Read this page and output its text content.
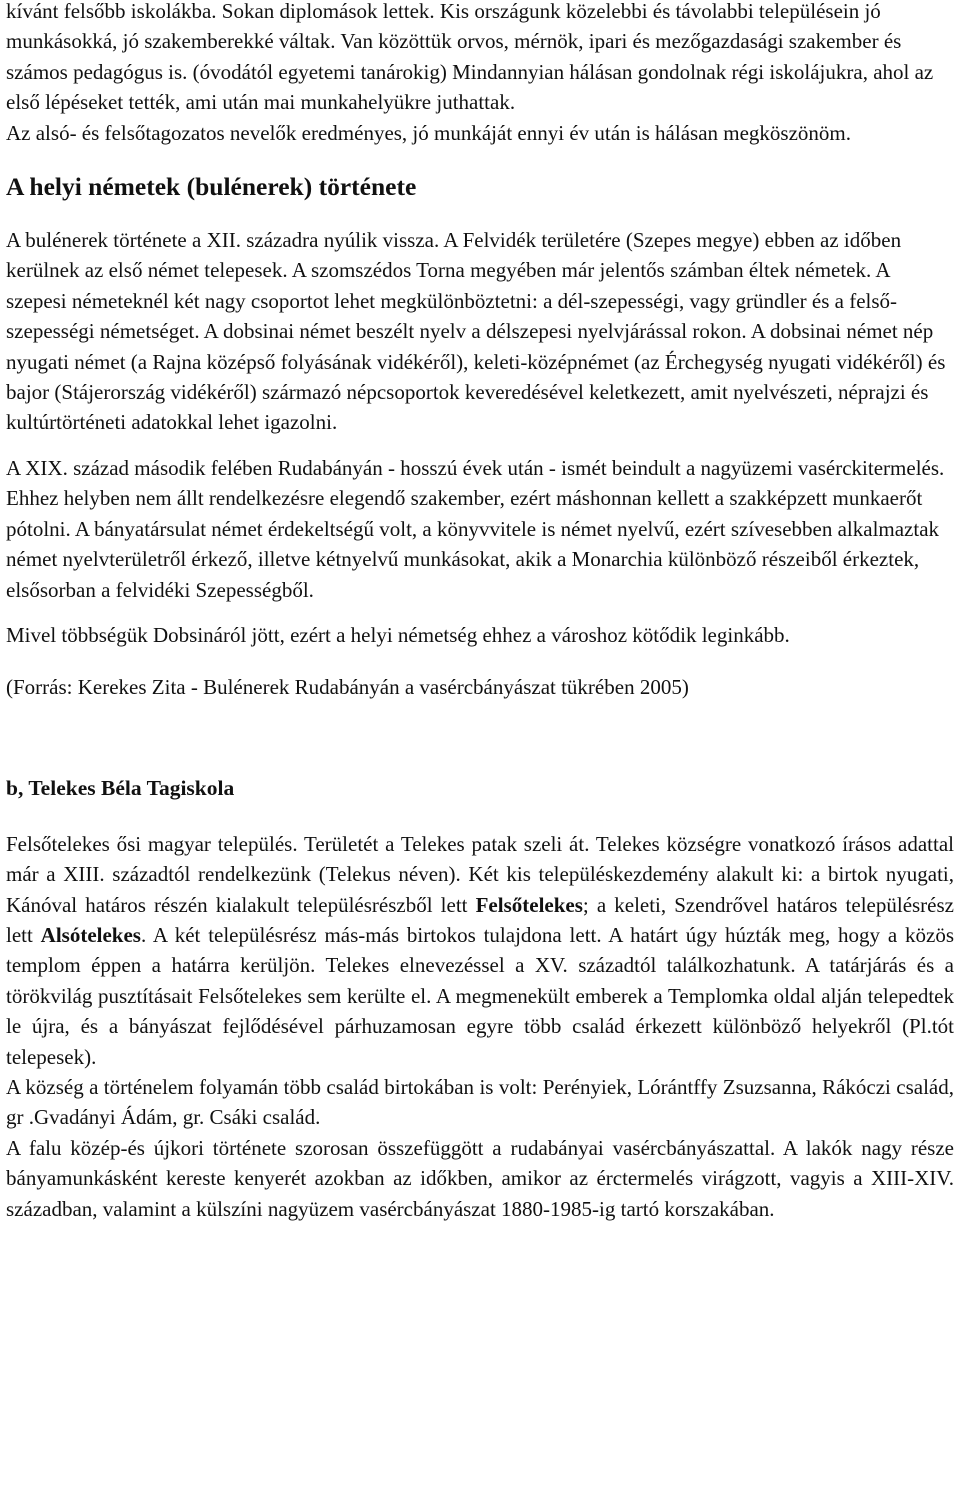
kívánt felsőbb iskolákba. Sokan diplomások lettek. Kis országunk közelebbi és távolabbi településein jó munkásokká, jó szakemberekké váltak. Van közöttük orvos, mérnök, ipari és mezőgazdasági szakember és számos pedagógus is. (óvodától egyetemi tanárokig) Mindannyian hálásan gondolnak régi iskolájukra, ahol az első lépéseket tették, ami után mai munkahelyükre juthattak.

Az alsó- és felsőtagozatos nevelők eredményes, jó munkáját ennyi év után is hálásan megköszönöm.

A helyi németek (bulénerek) története

A bulénerek története a XII. századra nyúlik vissza. A Felvidék területére (Szepes megye) ebben az időben kerülnek az első német telepesek. A szomszédos Torna megyében már jelentős számban éltek németek. A szepesi németeknél két nagy csoportot lehet megkülönböztetni: a dél-szepességi, vagy gründler és a felső-szepességi németséget. A dobsinai német beszélt nyelv a délszepesi nyelvjárással rokon. A dobsinai német nép nyugati német (a Rajna középső folyásának vidékéről), keleti-középnémet (az Érchegység nyugati vidékéről) és bajor (Stájerország vidékéről) származó népcsoportok keveredésével keletkezett, amit nyelvészeti, néprajzi és kultúrtörténeti adatokkal lehet igazolni.

A XIX. század második felében Rudabányán - hosszú évek után - ismét beindult a nagyüzemi vasérckitermelés. Ehhez helyben nem állt rendelkezésre elegendő szakember, ezért máshonnan kellett a szakképzett munkaerőt pótolni. A bányatársulat német érdekeltségű volt, a könyvvitele is német nyelvű, ezért szívesebben alkalmaztak német nyelvterületről érkező, illetve kétnyelvű munkásokat, akik a Monarchia különböző részeiből érkeztek, elsősorban a felvidéki Szepességből.

Mivel többségük Dobsináról jött, ezért a helyi németség ehhez a városhoz kötődik leginkább.

(Forrás: Kerekes Zita - Bulénerek Rudabányán a vasércbányászat tükrében 2005)

b, Telekes Béla Tagiskola

Felsőtelekes ősi magyar település. Területét a Telekes patak szeli át. Telekes községre vonatkozó írásos adattal már a XIII. századtól rendelkezünk (Telekus néven). Két kis településkezdemény alakult ki: a birtok nyugati, Kánóval határos részén kialakult településrészből lett Felsőtelekes; a keleti, Szendrővel határos településrész lett Alsótelekes. A két településrész más-más birtokos tulajdona lett. A határt úgy húzták meg, hogy a közös templom éppen a határra kerüljön. Telekes elnevezéssel a XV. századtól találkozhatunk. A tatárjárás és a törökvilág pusztításait Felsőtelekes sem kerülte el. A megmenekült emberek a Templomka oldal alján telepedtek le újra, és a bányászat fejlődésével párhuzamosan egyre több család érkezett különböző helyekről (Pl.tót telepesek).

A község a történelem folyamán több család birtokában is volt: Perényiek, Lórántffy Zsuzsanna, Rákóczi család, gr .Gvadányi Ádám, gr. Csáki család.

A falu közép-és újkori története szorosan összefüggött a rudabányai vasércbányászattal. A lakók nagy része bányamunkásként kereste kenyerét azokban az időkben, amikor az érctermelés virágzott, vagyis a XIII-XIV. században, valamint a külszíni nagyüzem vasércbányászat 1880-1985-ig tartó korszakában.
